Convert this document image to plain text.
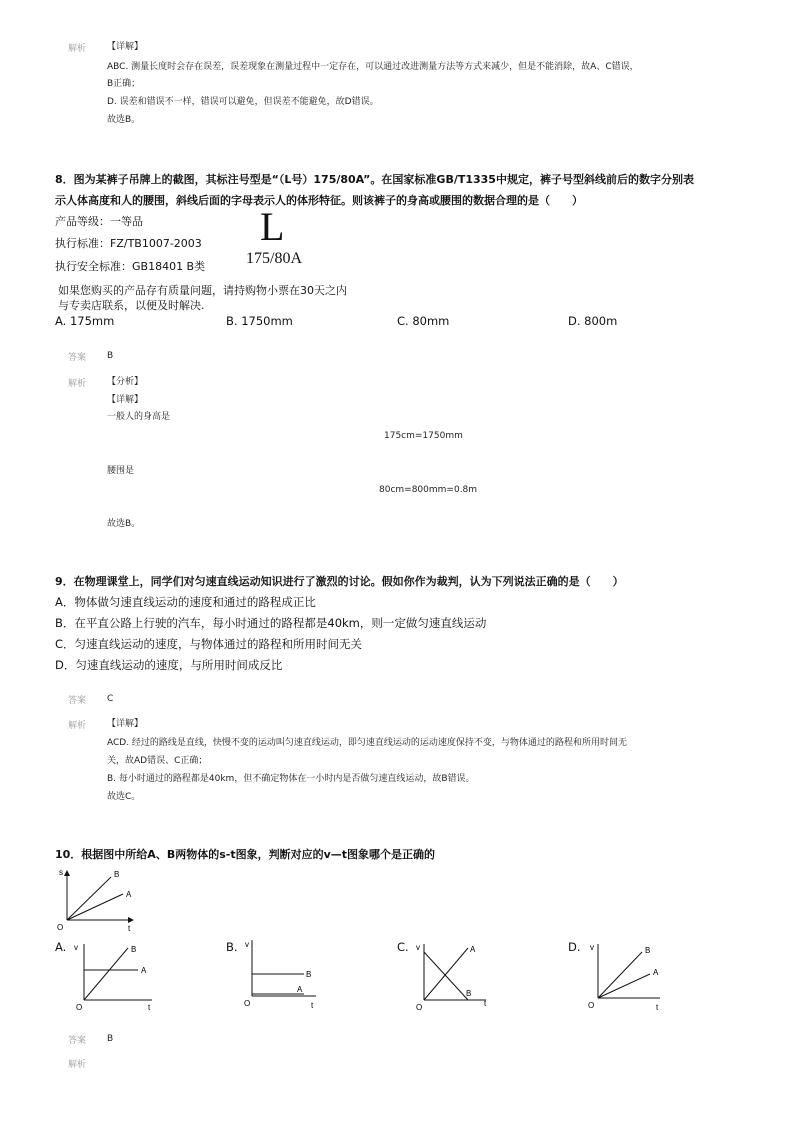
解析 【详解】
ABC. 测量长度时会存在误差，误差现象在测量过程中一定存在，可以通过改进测量方法等方式来减少，但是不能消除，故A、C错误，
B正确；
D. 误差和错误不一样，错误可以避免，但误差不能避免，故D错误。
故选B。
8．图为某裤子吊牌上的截图，其标注号型是“（L号）175/80A”。在国家标准GB/T1335中规定，裤子号型斜线前后的数字分别表
示人体高度和人的腰围，斜线后面的字母表示人的体形特征。则该裤子的身高或腰围的数据合理的是（　　）
产品等级：一等品
执行标准：FZ/TB1007-2003
执行安全标准：GB18401 B类
L
175/80A
如果您购买的产品存有质量问题，请持购物小票在30天之内
与专卖店联系，以便及时解决.
A. 175mm	B. 1750mm	C. 80mm	D. 800m
答案 B
解析 【分析】
【详解】
一般人的身高是
175cm=1750mm
腰围是
80cm=800mm=0.8m
故选B。
9．在物理课堂上，同学们对匀速直线运动知识进行了激烈的讨论。假如你作为裁判，认为下列说法正确的是（　　）
A．物体做匀速直线运动的速度和通过的路程成正比
B．在平直公路上行驶的汽车，每小时通过的路程都是40km，则一定做匀速直线运动
C．匀速直线运动的速度，与物体通过的路程和所用时间无关
D．匀速直线运动的速度，与所用时间成反比
答案 C
解析 【详解】
ACD. 经过的路线是直线，快慢不变的运动叫匀速直线运动，即匀速直线运动的运动速度保持不变，与物体通过的路程和所用时间无
关，故AD错误、C正确；
B. 每小时通过的路程都是40km，但不确定物体在一小时内是否做匀速直线运动，故B错误。
故选C。
10．根据图中所给A、B两物体的s-t图象，判断对应的v—t图象哪个是正确的
s
O	t
B
A
A. v
O	t
B
A
B. v
O	t
B
A
C. v
O	t
A
B
D. v
O	t
B
A
答案 B
解析
